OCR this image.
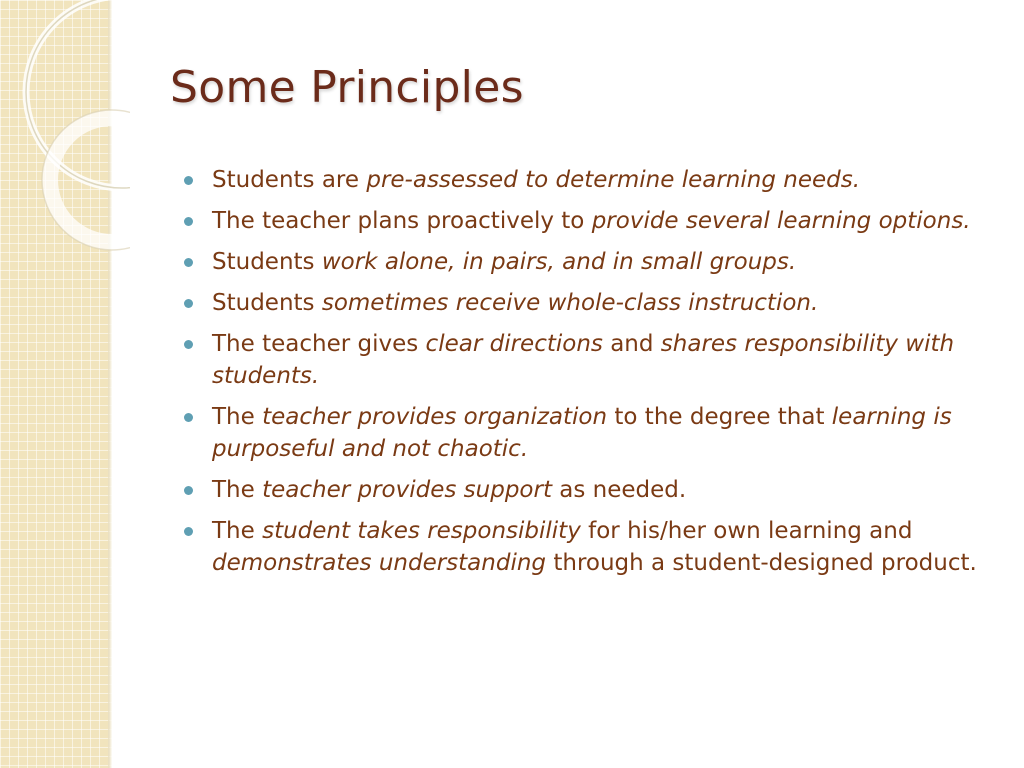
Some Principles
Students are pre-assessed to determine learning needs.
The teacher plans proactively to provide several learning options.
Students work alone, in pairs, and in small groups.
Students sometimes receive whole-class instruction.
The teacher gives clear directions and shares responsibility with students.
The teacher provides organization to the degree that learning is purposeful and not chaotic.
The teacher provides support as needed.
The student takes responsibility for his/her own learning and demonstrates understanding through a student-designed product.
